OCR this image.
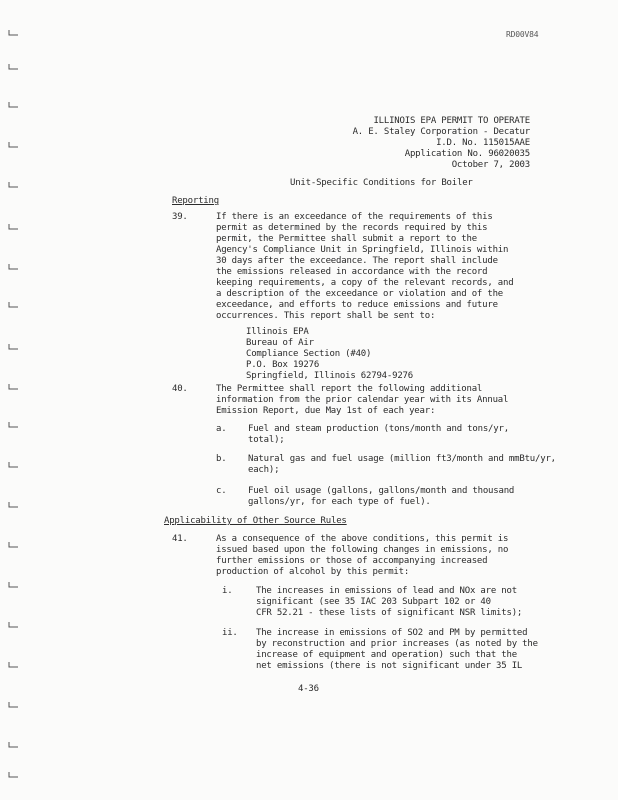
RD00V84
ILLINOIS EPA PERMIT TO OPERATE
A. E. Staley Corporation - Decatur
I.D. No. 115015AAE
Application No. 96020035
October 7, 2003
Unit-Specific Conditions for Boiler
Reporting
39.	If there is an exceedance of the requirements of this
permit as determined by the records required by this
permit, the Permittee shall submit a report to the
Agency's Compliance Unit in Springfield, Illinois within
30 days after the exceedance. The report shall include
the emissions released in accordance with the record
keeping requirements, a copy of the relevant records, and
a description of the exceedance or violation and of the
exceedance, and efforts to reduce emissions and future
occurrences. This report shall be sent to:
Illinois EPA
Bureau of Air
Compliance Section (#40)
P.O. Box 19276
Springfield, Illinois 62794-9276
40.	The Permittee shall report the following additional
information from the prior calendar year with its Annual
Emission Report, due May 1st of each year:
a. Fuel and steam production (tons/month and tons/yr,
total);
b. Natural gas and fuel usage (million ft3/month and mmBtu/yr,
each);
c. Fuel oil usage (gallons, gallons/month and thousand
gallons/yr, for each type of fuel).
Applicability of Other Source Rules
41.	As a consequence of the above conditions, this permit is
issued based upon the following changes in emissions, no
further emissions or those of accompanying increased
production of alcohol by this permit:
i.	The increases in emissions of lead and NOx are not
significant (see 35 IAC 203 Subpart 102 or 40
CFR 52.21 - these lists of significant NSR limits);
ii. The increase in emissions of SO2 and PM by permitted
by reconstruction and prior increases (as noted by the
increase of equipment and operation) such that the
net emissions (there is not significant under 35 IL
4-36
